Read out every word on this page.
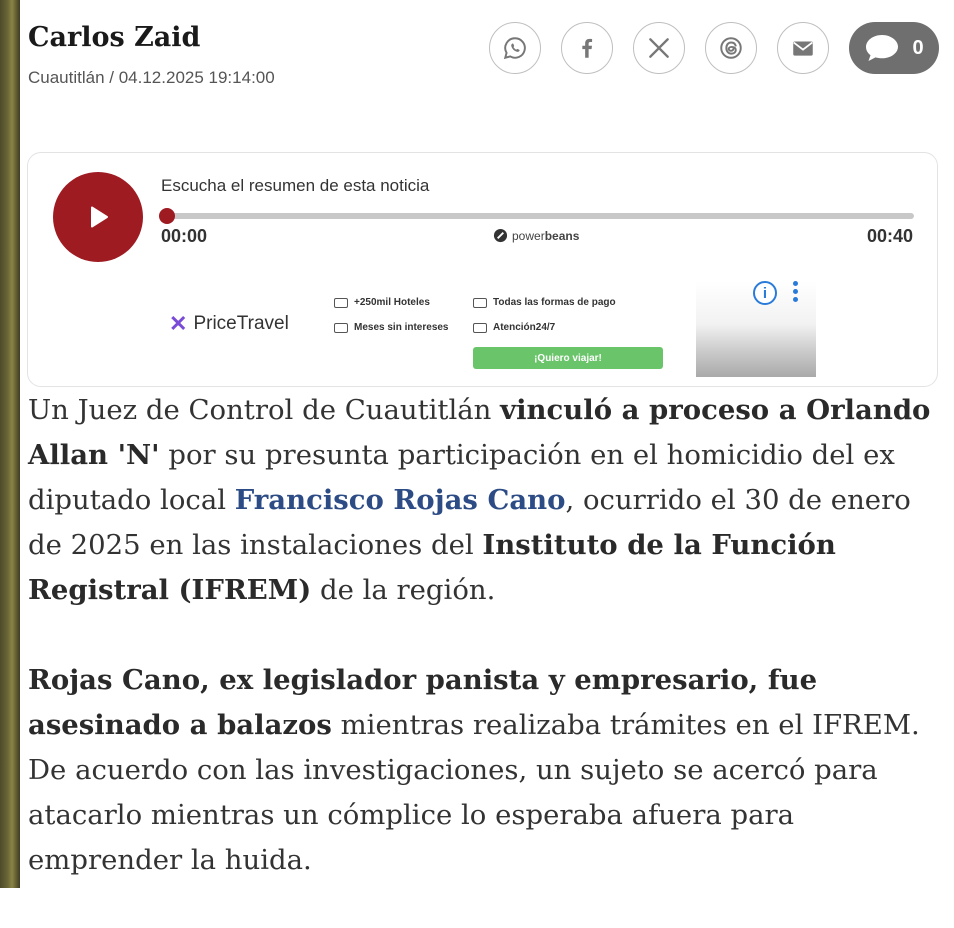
Carlos Zaid
Cuautitlán / 04.12.2025 19:14:00
0
Escucha el resumen de esta noticia
00:00	powerbeans	00:40
✕ PriceTravel
+250mil Hoteles
Meses sin intereses
Todas las formas de pago
Atención24/7
¡Quiero viajar!
i

Un Juez de Control de Cuautitlán vinculó a proceso a Orlando Allan 'N' por su presunta participación en el homicidio del ex diputado local Francisco Rojas Cano, ocurrido el 30 de enero de 2025 en las instalaciones del Instituto de la Función Registral (IFREM) de la región.

Rojas Cano, ex legislador panista y empresario, fue asesinado a balazos mientras realizaba trámites en el IFREM. De acuerdo con las investigaciones, un sujeto se acercó para atacarlo mientras un cómplice lo esperaba afuera para emprender la huida.
